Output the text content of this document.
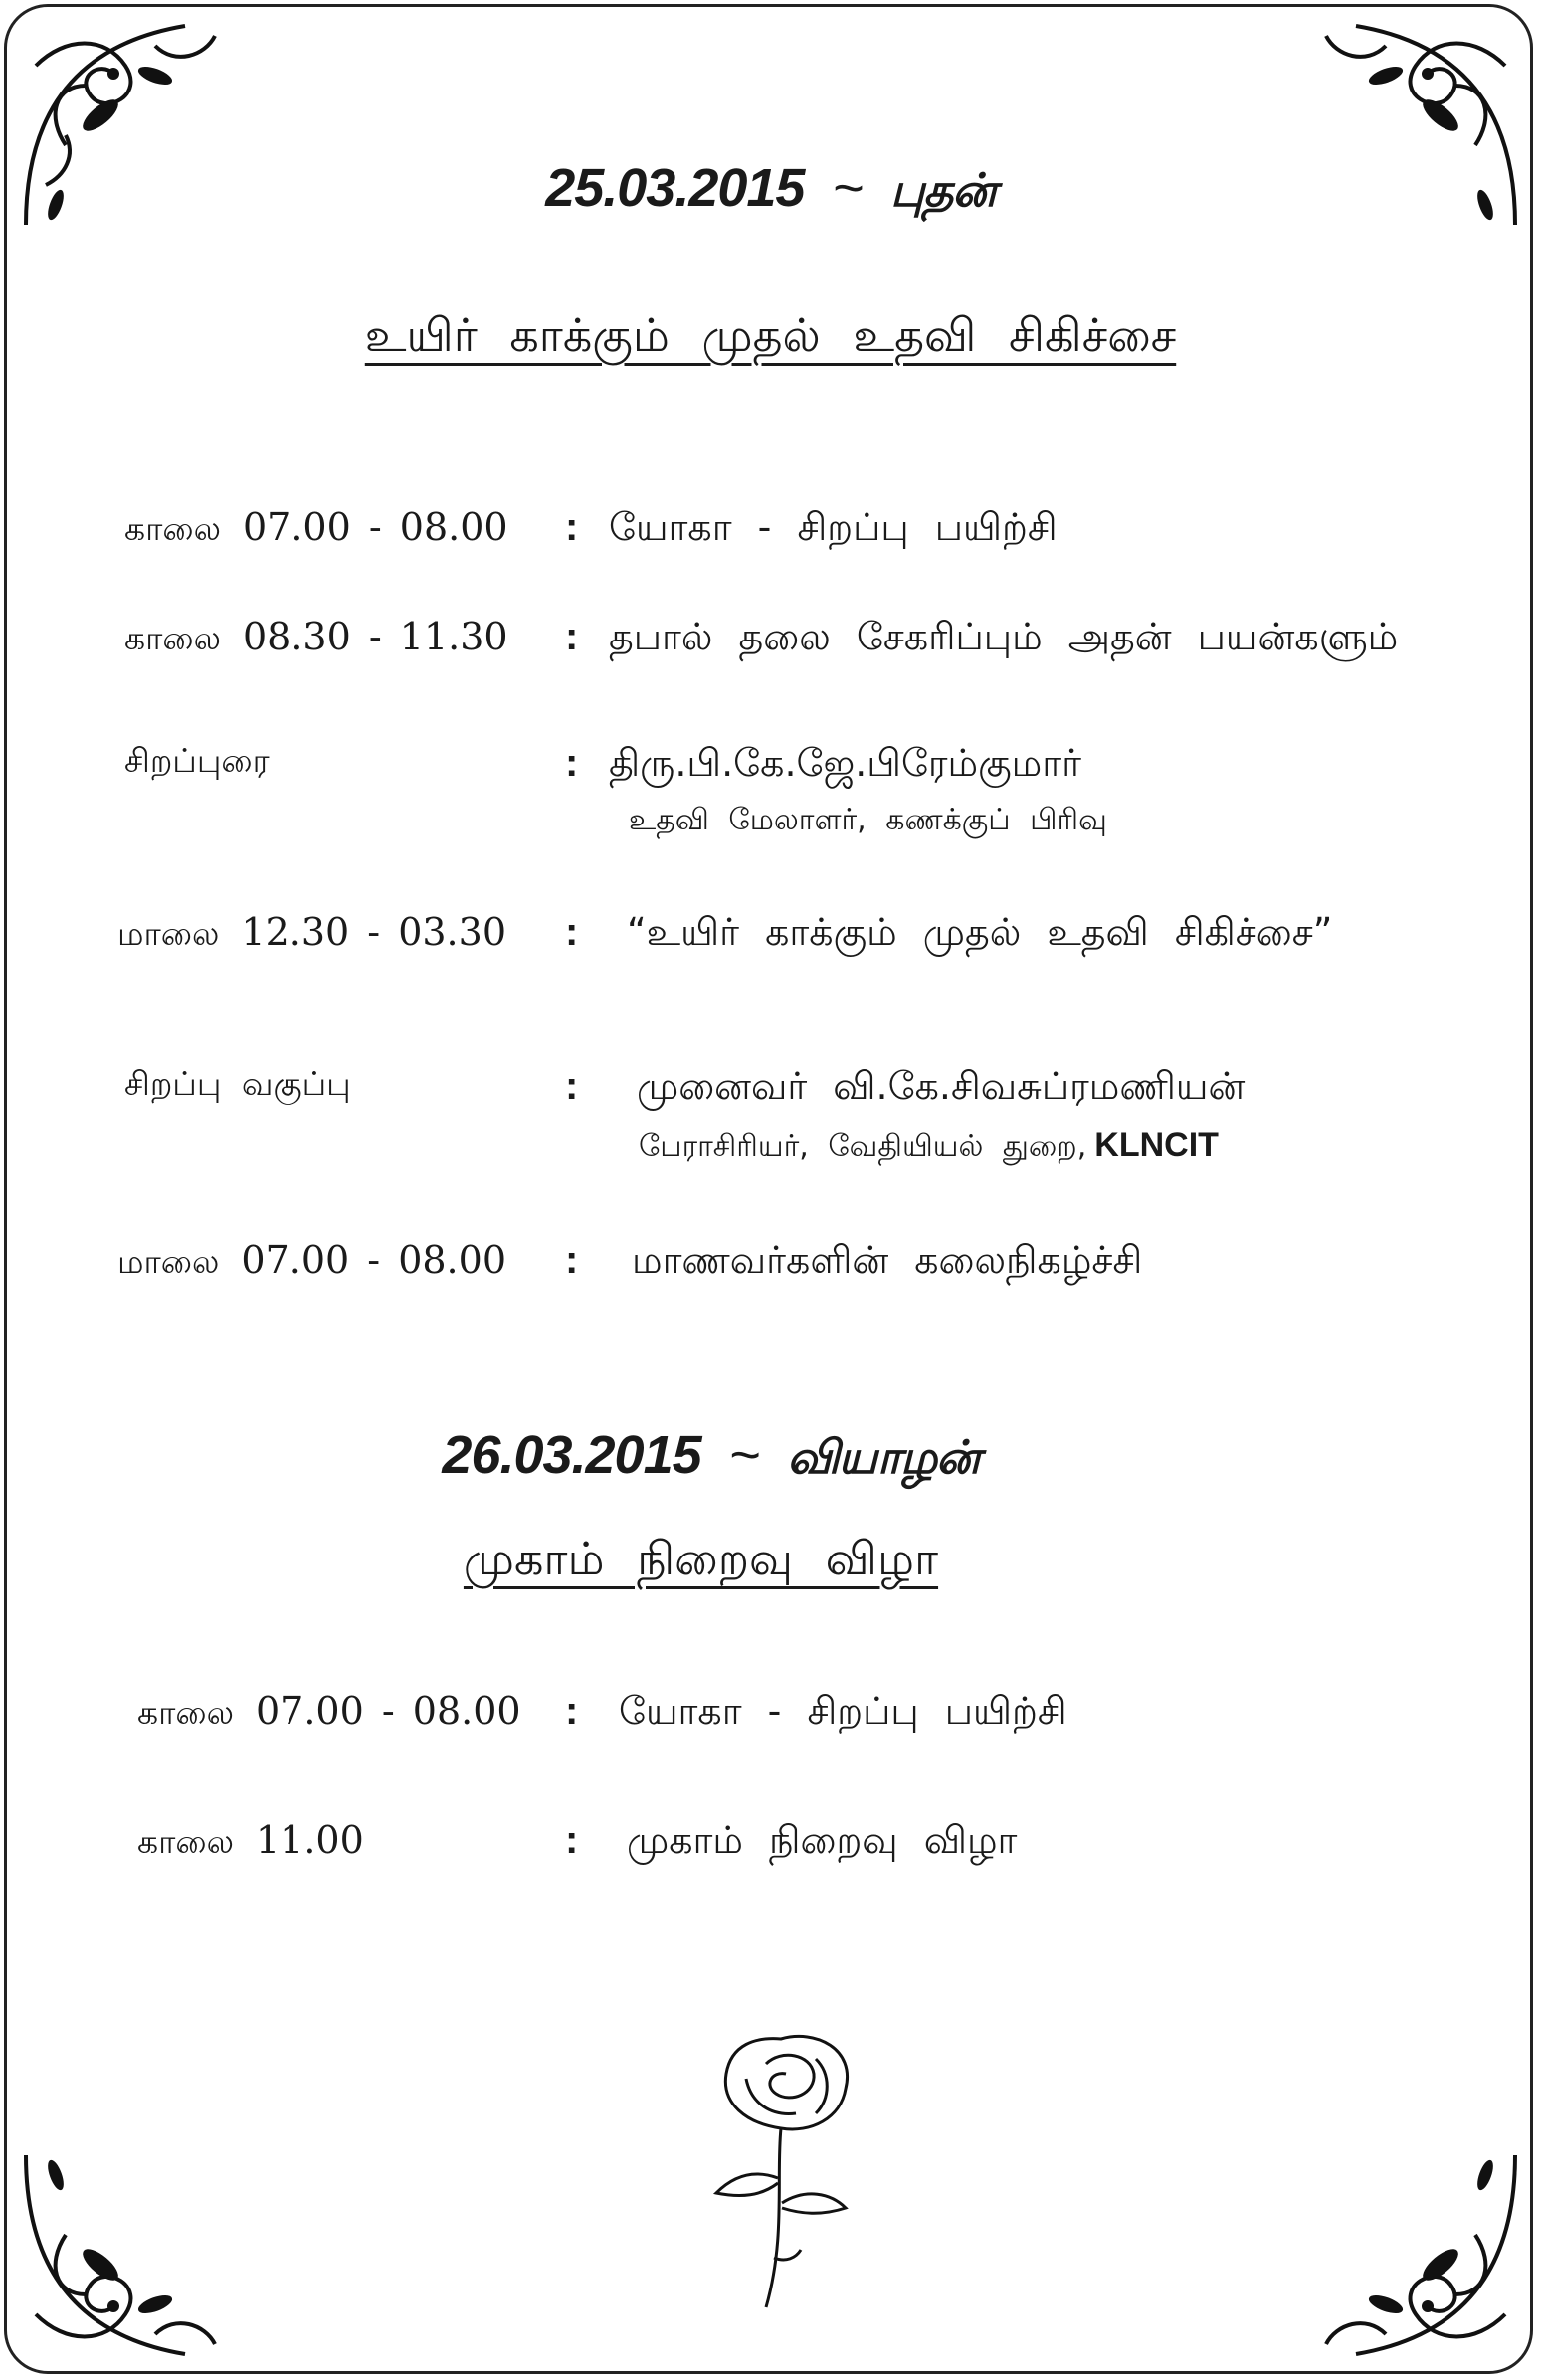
25.03.2015 ~ புதன்
உயிர் காக்கும் முதல் உதவி சிகிச்சை
காலை 07.00 - 08.00 : யோகா - சிறப்பு பயிற்சி
காலை 08.30 - 11.30 : தபால் தலை சேகரிப்பும் அதன் பயன்களும்
சிறப்புரை	: திரு.பி.கே.ஜே.பிரேம்குமார்
உதவி மேலாளர், கணக்குப் பிரிவு
மாலை 12.30 - 03.30 : “உயிர் காக்கும் முதல் உதவி சிகிச்சை”
சிறப்பு வகுப்பு	: முனைவர் வி.கே.சிவசுப்ரமணியன்
பேராசிரியர், வேதியியல் துறை, KLNCIT
மாலை 07.00 - 08.00 : மாணவர்களின் கலைநிகழ்ச்சி
26.03.2015 ~ வியாழன்
முகாம் நிறைவு விழா
காலை 07.00 - 08.00 : யோகா - சிறப்பு பயிற்சி
காலை 11.00	: முகாம் நிறைவு விழா
